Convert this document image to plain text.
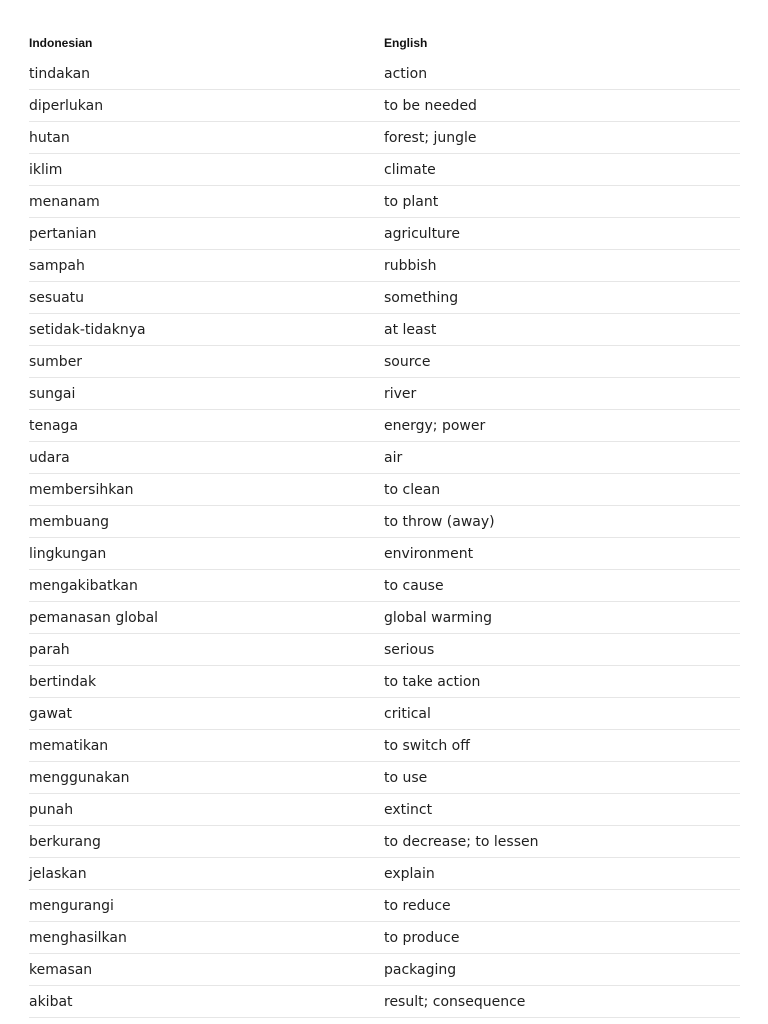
Indonesian	English
tindakan	action
diperlukan	to be needed
hutan	forest; jungle
iklim	climate
menanam	to plant
pertanian	agriculture
sampah	rubbish
sesuatu	something
setidak-tidaknya	at least
sumber	source
sungai	river
tenaga	energy; power
udara	air
membersihkan	to clean
membuang	to throw (away)
lingkungan	environment
mengakibatkan	to cause
pemanasan global	global warming
parah	serious
bertindak	to take action
gawat	critical
mematikan	to switch off
menggunakan	to use
punah	extinct
berkurang	to decrease; to lessen
jelaskan	explain
mengurangi	to reduce
menghasilkan	to produce
kemasan	packaging
akibat	result; consequence
